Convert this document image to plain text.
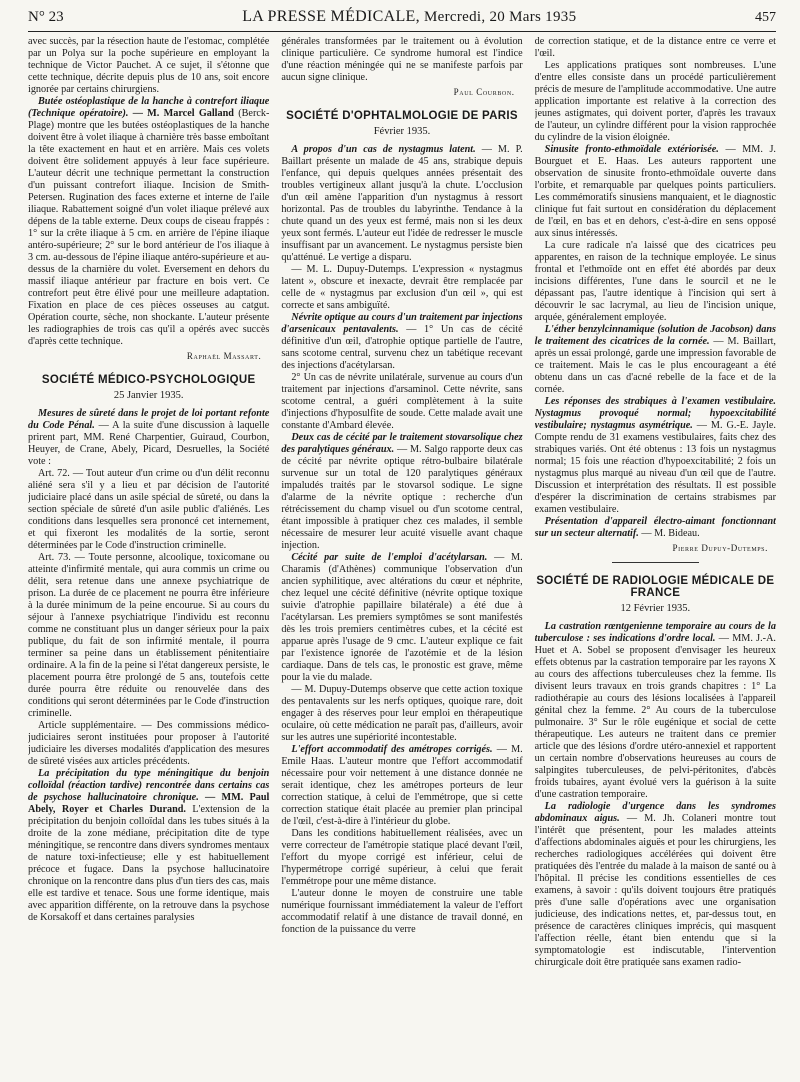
N° 23	LA PRESSE MÉDICALE, Mercredi, 20 Mars 1935	457

avec succès, par la résection haute de l'estomac, complétée par un Polya sur la poche supérieure en employant la technique de Victor Pauchet. A ce sujet, il s'étonne que cette technique, décrite depuis plus de 10 ans, soit encore ignorée par certains chirurgiens.

Butée ostéoplastique de la hanche à contrefort iliaque (Technique opératoire). — M. Marcel Galland (Berck-Plage) montre que les butées ostéoplastiques de la hanche doivent être à volet iliaque à charnière très basse emboîtant la tête exactement en haut et en arrière. Mais ces volets doivent être solidement appuyés à leur face supérieure. L'auteur décrit une technique permettant la construction d'un puissant contrefort iliaque. Incision de Smith-Petersen. Rugination des faces externe et interne de l'aile iliaque. Rabattement soigné d'un volet iliaque prélevé aux dépens de la table externe. Deux coups de ciseau frappés : 1° sur la crête iliaque à 5 cm. en arrière de l'épine iliaque antéro-supérieure; 2° sur le bord antérieur de l'os iliaque à 3 cm. au-dessous de l'épine iliaque antéro-supérieure et au-dessus de la charnière du volet. Eversement en dehors du massif iliaque antérieur par fracture en bois vert. Ce contrefort peut être élivé pour une meilleure adaptation. Fixation en place de ces pièces osseuses au catgut. Opération courte, sèche, non shockante. L'auteur présente les radiographies de trois cas qu'il a opérés avec succès d'après cette technique.

Raphaël Massart.
SOCIÉTÉ MÉDICO-PSYCHOLOGIQUE
25 Janvier 1935.

Mesures de sûreté dans le projet de loi portant refonte du Code Pénal. — A la suite d'une discussion à laquelle prirent part, MM. René Charpentier, Guiraud, Courbon, Heuyer, de Crane, Abely, Picard, Desruelles, la Société vote :

Art. 72. — Tout auteur d'un crime ou d'un délit reconnu aliéné sera s'il y a lieu et par décision de l'autorité judiciaire placé dans un asile spécial de sûreté, ou dans la section spéciale de sûreté d'un asile public d'aliénés. Les conditions dans lesquelles sera prononcé cet internement, et qui fixeront les modalités de la sortie, seront déterminées par le Code d'instruction criminelle.

Art. 73. — Toute personne, alcoolique, toxicomane ou atteinte d'infirmité mentale, qui aura commis un crime ou délit, sera retenue dans une annexe psychiatrique de prison. La durée de ce placement ne pourra être inférieure à la durée minimum de la peine encourue. Si au cours du séjour à l'annexe psychiatrique l'individu est reconnu comme ne constituant plus un danger sérieux pour la paix publique, du fait de son infirmité mentale, il pourra terminer sa peine dans un établissement pénitentiaire ordinaire. A la fin de la peine si l'état dangereux persiste, le placement pourra être prolongé de 5 ans, toutefois cette durée pourra être réduite ou renouvelée dans des conditions qui seront déterminées par le Code d'instruction criminelle.

Article supplémentaire. — Des commissions médico-judiciaires seront instituées pour proposer à l'autorité judiciaire les diverses modalités d'application des mesures de sûreté visées aux articles précédents.

La précipitation du type méningitique du benjoin colloïdal (réaction tardive) rencontrée dans certains cas de psychose hallucinatoire chronique. — MM. Paul Abely, Royer et Charles Durand. L'extension de la précipitation du benjoin colloïdal dans les tubes situés à la droite de la zone médiane, précipitation dite de type méningitique, se rencontre dans divers syndromes mentaux de nature toxi-infectieuse; elle y est habituellement précoce et fugace. Dans la psychose hallucinatoire chronique on la rencontre dans plus d'un tiers des cas, mais elle est tardive et tenace. Sous une forme identique, mais avec apparition différente, on la retrouve dans la psychose de Korsakoff et dans certaines paralysies

générales transformées par le traitement ou à évolution clinique particulière. Ce syndrome humoral est l'indice d'une réaction méningée qui ne se manifeste parfois par aucun signe clinique.

Paul Courbon.
SOCIÉTÉ D'OPHTALMOLOGIE DE PARIS
Février 1935.

A propos d'un cas de nystagmus latent. — M. P. Baillart présente un malade de 45 ans, strabique depuis l'enfance, qui depuis quelques années présentait des troubles vertigineux allant jusqu'à la chute. L'occlusion d'un œil amène l'apparition d'un nystagmus à ressort horizontal. Pas de troubles du labyrinthe. Tendance à la chute quand un des yeux est fermé, mais non si les deux yeux sont fermés. L'auteur eut l'idée de redresser le muscle insuffisant par un avancement. Le nystagmus persiste bien qu'atténué. Le vertige a disparu.

— M. L. Dupuy-Dutemps. L'expression « nystagmus latent », obscure et inexacte, devrait être remplacée par celle de « nystagmus par exclusion d'un œil », qui est correcte et sans ambiguïté.

Névrite optique au cours d'un traitement par injections d'arsenicaux pentavalents. — 1° Un cas de cécité définitive d'un œil, d'atrophie optique partielle de l'autre, sans scotome central, survenu chez un tabétique recevant des injections d'acétylarsan.

2° Un cas de névrite unilatérale, survenue au cours d'un traitement par injections d'arsaminol. Cette névrite, sans scotome central, a guéri complètement à la suite d'injections d'hyposulfite de soude. Cette malade avait une constante d'Ambard élevée.

Deux cas de cécité par le traitement stovarsolique chez des paralytiques généraux. — M. Salgo rapporte deux cas de cécité par névrite optique rétro-bulbaire bilatérale survenue sur un total de 120 paralytiques généraux impaludés traités par le stovarsol sodique. Le signe d'alarme de la névrite optique : recherche d'un rétrécissement du champ visuel ou d'un scotome central, étant impossible à pratiquer chez ces malades, il semble nécessaire de mesurer leur acuité visuelle avant chaque injection.

Cécité par suite de l'emploi d'acétylarsan. — M. Charamis (d'Athènes) communique l'observation d'un ancien syphilitique, avec altérations du cœur et néphrite, chez lequel une cécité définitive (névrite optique toxique suivie d'atrophie papillaire bilatérale) a été due à l'acétylarsan. Les premiers symptômes se sont manifestés dès les trois premiers centimètres cubes, et la cécité est apparue après l'usage de 9 cmc. L'auteur explique ce fait par l'existence ignorée de l'azotémie et de la lésion cardiaque. Dans de tels cas, le pronostic est grave, même pour la vie du malade.

— M. Dupuy-Dutemps observe que cette action toxique des pentavalents sur les nerfs optiques, quoique rare, doit engager à des réserves pour leur emploi en thérapeutique oculaire, où cette médication ne paraît pas, d'ailleurs, avoir sur les autres une supériorité incontestable.

L'effort accommodatif des amétropes corrigés. — M. Emile Haas. L'auteur montre que l'effort accommodatif nécessaire pour voir nettement à une distance donnée ne serait identique, chez les amétropes porteurs de leur correction statique, à celui de l'emmétrope, que si cette correction statique était placée au premier plan principal de l'œil, c'est-à-dire à l'intérieur du globe.

Dans les conditions habituellement réalisées, avec un verre correcteur de l'amétropie statique placé devant l'œil, l'effort du myope corrigé est inférieur, celui de l'hypermétrope corrigé supérieur, à celui que ferait l'emmétrope pour une même distance.

L'auteur donne le moyen de construire une table numérique fournissant immédiatement la valeur de l'effort accommodatif relatif à une distance de travail donné, en fonction de la puissance du verre

de correction statique, et de la distance entre ce verre et l'œil.

Les applications pratiques sont nombreuses. L'une d'entre elles consiste dans un procédé particulièrement précis de mesure de l'amplitude accommodative. Une autre application importante est relative à la correction des jeunes astigmates, qui doivent porter, d'après les travaux de l'auteur, un cylindre différent pour la vision rapprochée du cylindre de la vision éloignée.

Sinusite fronto-ethmoïdale extériorisée. — MM. J. Bourguet et E. Haas. Les auteurs rapportent une observation de sinusite fronto-ethmoïdale ouverte dans l'orbite, et remarquable par quelques points particuliers. Les commémoratifs sinusiens manquaient, et le diagnostic clinique fut fait surtout en considération du déplacement de l'œil, en bas et en dehors, c'est-à-dire en sens opposé aux sinus intéressés.

La cure radicale n'a laissé que des cicatrices peu apparentes, en raison de la technique employée. Le sinus frontal et l'ethmoïde ont en effet été abordés par deux incisions différentes, l'une dans le sourcil et ne le dépassant pas, l'autre identique à l'incision qui sert à découvrir le sac lacrymal, au lieu de l'incision unique, arquée, généralement employée.

L'éther benzylcinnamique (solution de Jacobson) dans le traitement des cicatrices de la cornée. — M. Baillart, après un essai prolongé, garde une impression favorable de ce traitement. Mais le cas le plus encourageant a été obtenu dans un cas d'acné rebelle de la face et de la cornée.

Les réponses des strabiques à l'examen vestibulaire. Nystagmus provoqué normal; hypoexcitabilité vestibulaire; nystagmus asymétrique. — M. G.-E. Jayle. Compte rendu de 31 examens vestibulaires, faits chez des strabiques variés. Ont été obtenus : 13 fois un nystagmus normal; 15 fois une réaction d'hypoexcitabilité; 2 fois un nystagmus plus marqué au niveau d'un œil que de l'autre. Discussion et interprétation des résultats. Il est possible d'espérer la discrimination de certains strabismes par examen vestibulaire.

Présentation d'appareil électro-aimant fonctionnant sur un secteur alternatif. — M. Bideau.

Pierre Dupuy-Dutemps.
SOCIÉTÉ DE RADIOLOGIE MÉDICALE DE FRANCE
12 Février 1935.

La castration rœntgenienne temporaire au cours de la tuberculose : ses indications d'ordre local. — MM. J.-A. Huet et A. Sobel se proposent d'envisager les heureux effets obtenus par la castration temporaire par les rayons X au cours des affections tuberculeuses chez la femme. Ils divisent leurs travaux en trois grands chapitres : 1° La radiothérapie au cours des lésions localisées à l'appareil génital chez la femme. 2° Au cours de la tuberculose pulmonaire. 3° Sur le rôle eugénique et social de cette thérapeutique. Les auteurs ne traitent dans ce premier article que des lésions d'ordre utéro-annexiel et rapportent un certain nombre d'observations heureuses au cours de salpingites tuberculeuses, de pelvi-péritonites, d'abcès froids tubaires, ayant évolué vers la guérison à la suite d'une castration temporaire.

La radiologie d'urgence dans les syndromes abdominaux aigus. — M. Jh. Colaneri montre tout l'intérêt que présentent, pour les malades atteints d'affections abdominales aiguës et pour les chirurgiens, les recherches radiologiques accélérées qui doivent être pratiquées dès l'entrée du malade à la maison de santé ou à l'hôpital. Il précise les conditions essentielles de ces examens, à savoir : qu'ils doivent toujours être pratiqués près d'une salle d'opérations avec une organisation judicieuse, des indications nettes, et, par-dessus tout, en présence de caractères cliniques imprécis, qui masquent l'affection réelle, étant bien entendu que si la symptomatologie est indiscutable, l'intervention chirurgicale doit être pratiquée sans examen radio-
